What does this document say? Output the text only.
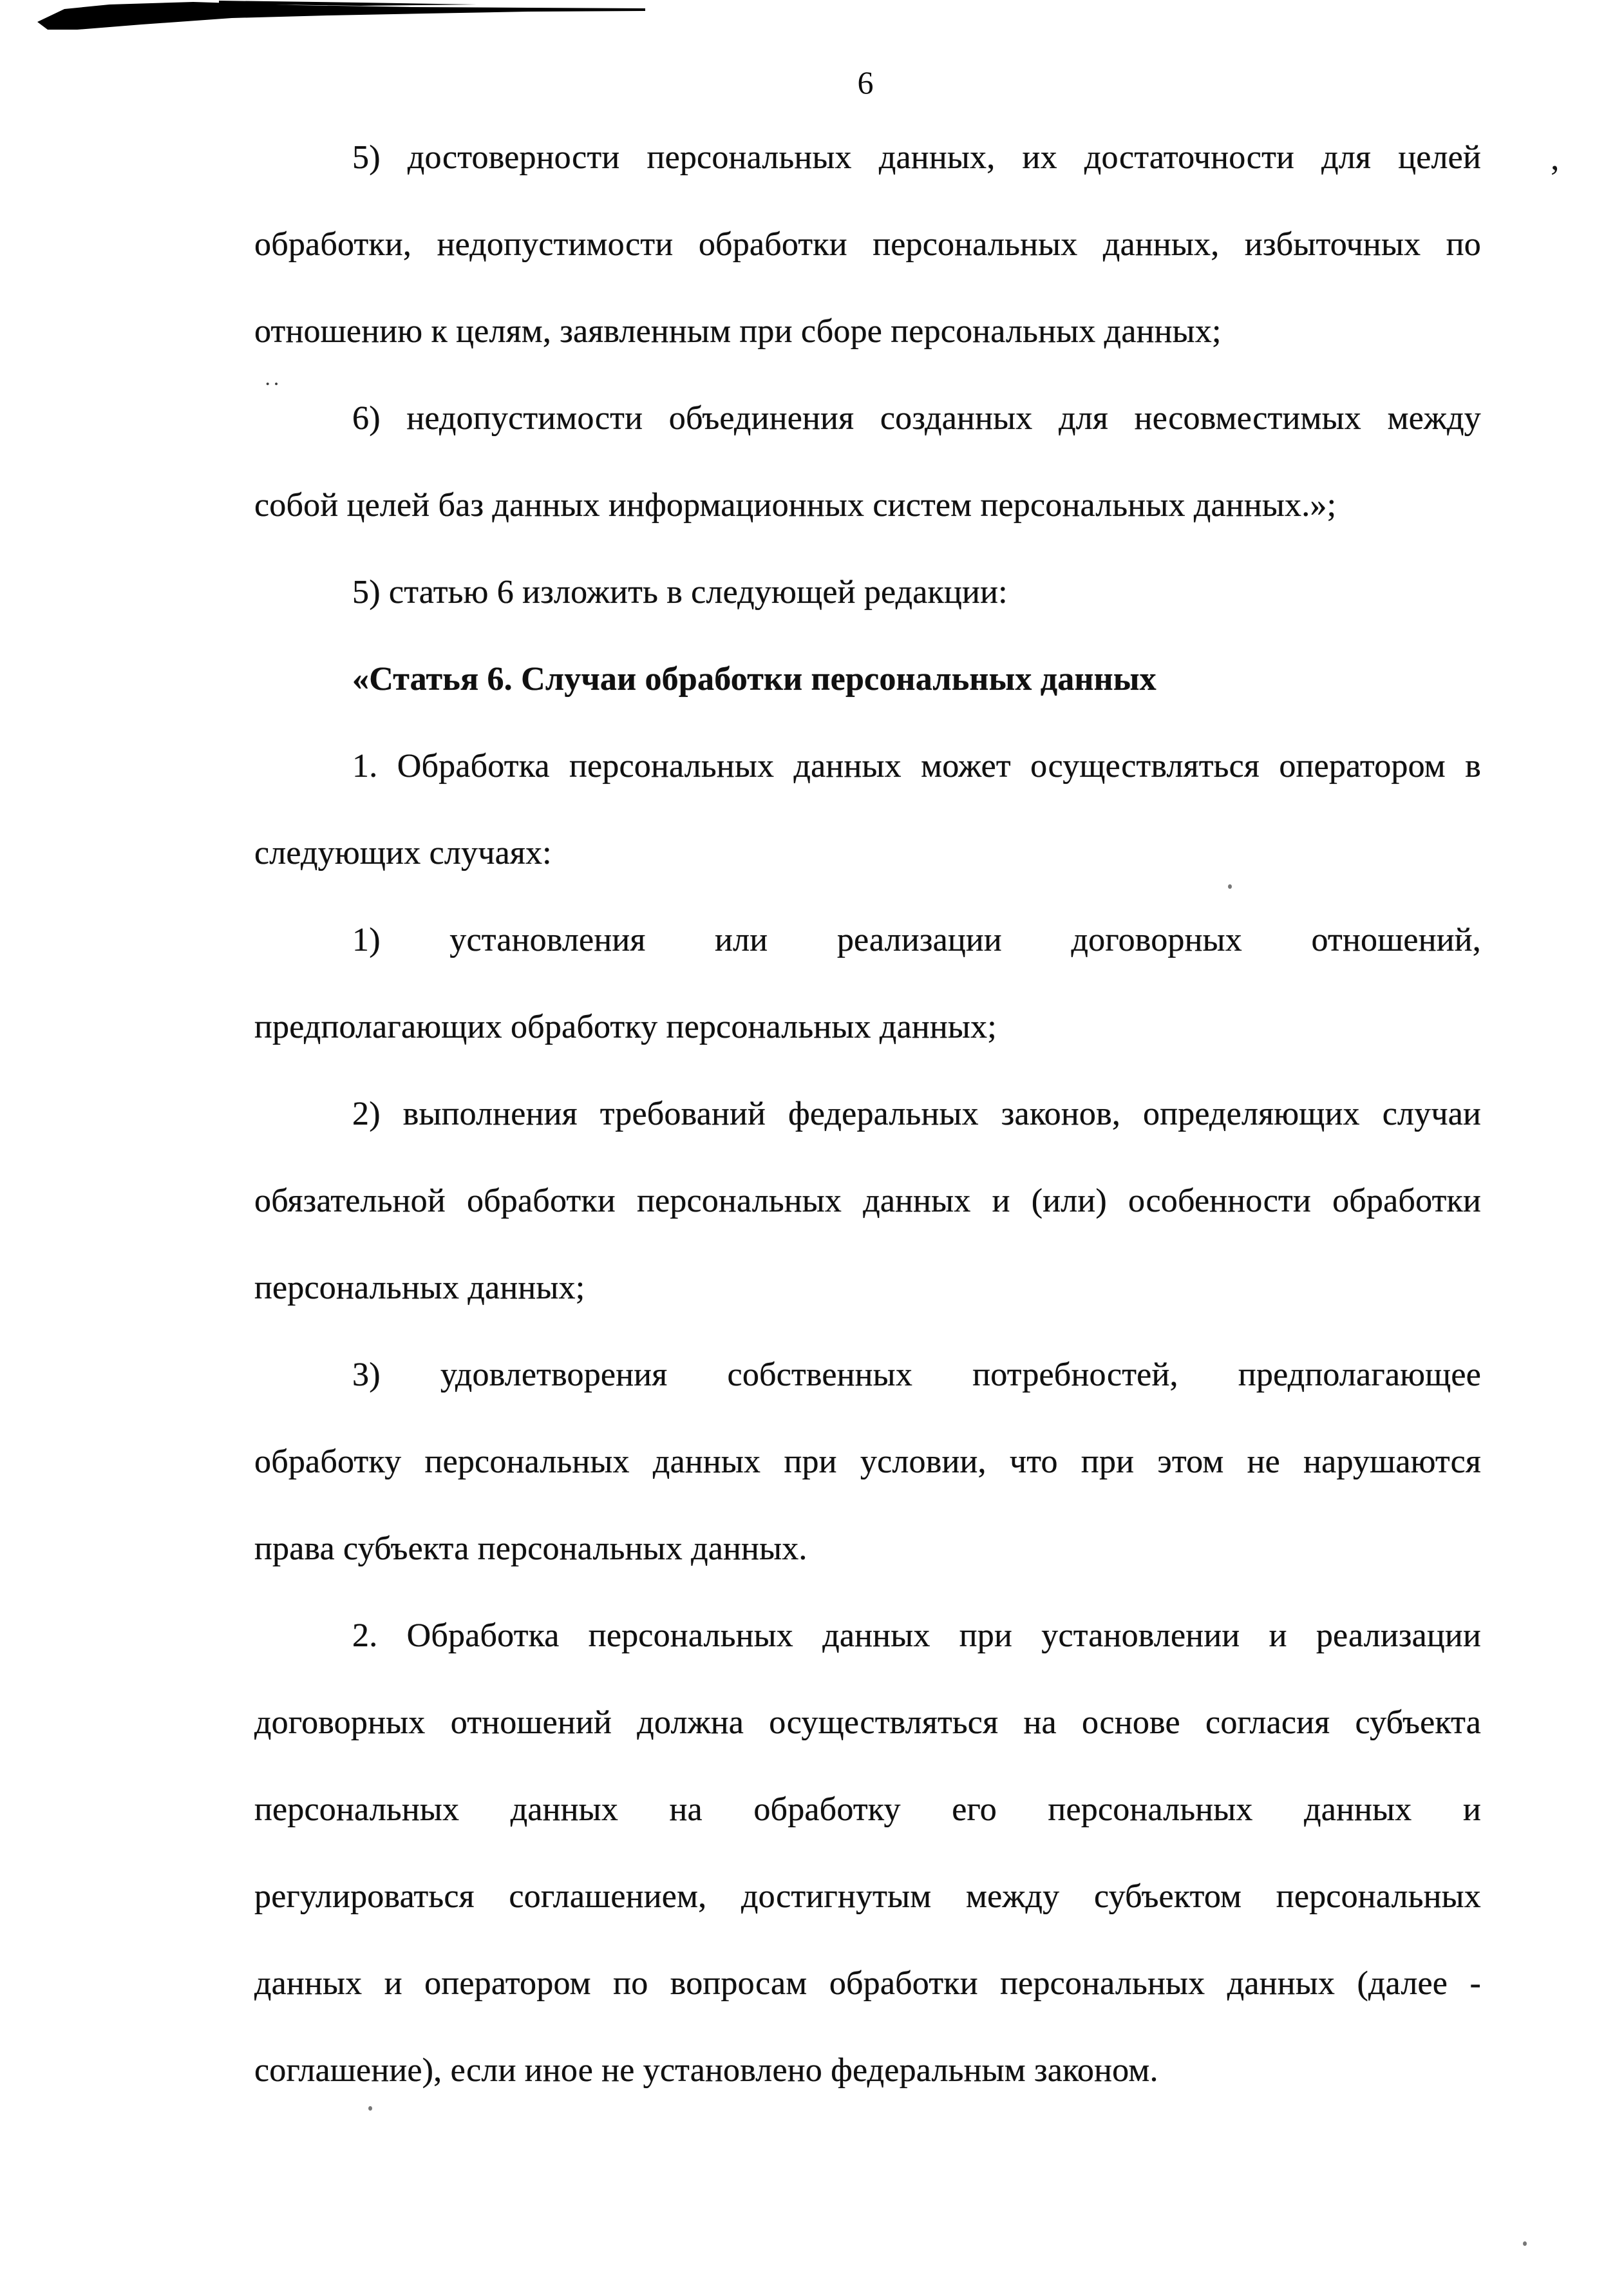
6
5) достоверности персональных данных, их достаточности для целей
обработки, недопустимости обработки персональных данных, избыточных по
отношению к целям, заявленным при сборе персональных данных;
6) недопустимости объединения созданных для несовместимых между
собой целей баз данных информационных систем персональных данных.»;
5) статью 6 изложить в следующей редакции:
«Статья 6. Случаи обработки персональных данных
1. Обработка персональных данных может осуществляться оператором в
следующих случаях:
1) установления или реализации договорных отношений,
предполагающих обработку персональных данных;
2) выполнения требований федеральных законов, определяющих случаи
обязательной обработки персональных данных и (или) особенности обработки
персональных данных;
3) удовлетворения собственных потребностей, предполагающее
обработку персональных данных при условии, что при этом не нарушаются
права субъекта персональных данных.
2. Обработка персональных данных при установлении и реализации
договорных отношений должна осуществляться на основе согласия субъекта
персональных данных на обработку его персональных данных и
регулироваться соглашением, достигнутым между субъектом персональных
данных и оператором по вопросам обработки персональных данных (далее -
соглашение), если иное не установлено федеральным законом.
,
··
